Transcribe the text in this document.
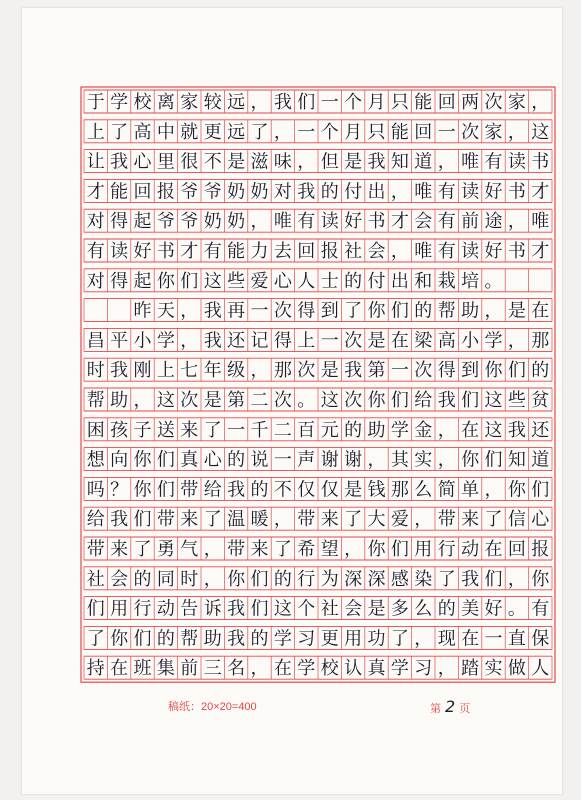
于 学 校 离 家 较 远 ， 我 们 一 个 月 只 能 回 两 次 家 ，
上 了 高 中 就 更 远 了 ， 一 个 月 只 能 回 一 次 家 ， 这
让 我 心 里 很 不 是 滋 味 ， 但 是 我 知 道 ， 唯 有 读 书
才 能 回 报 爷 爷 奶 奶 对 我 的 付 出 ， 唯 有 读 好 书 才
对 得 起 爷 爷 奶 奶 ， 唯 有 读 好 书 才 会 有 前 途 ， 唯
有 读 好 书 才 有 能 力 去 回 报 社 会 ， 唯 有 读 好 书 才
对 得 起 你 们 这 些 爱 心 人 士 的 付 出 和 栽 培 。

昨 天 ， 我 再 一 次 得 到 了 你 们 的 帮 助 ， 是 在
昌 平 小 学 ， 我 还 记 得 上 一 次 是 在 梁 高 小 学 ， 那
时 我 刚 上 七 年 级 ， 那 次 是 我 第 一 次 得 到 你 们 的
帮 助 ， 这 次 是 第 二 次 。 这 次 你 们 给 我 们 这 些 贫
困 孩 子 送 来 了 一 千 二 百 元 的 助 学 金 ， 在 这 我 还
想 向 你 们 真 心 的 说 一 声 谢 谢 ， 其 实 ， 你 们 知 道
吗 ？ 你 们 带 给 我 的 不 仅 仅 是 钱 那 么 简 单 ， 你 们
给 我 们 带 来 了 温 暖 ， 带 来 了 大 爱 ， 带 来 了 信 心
带 来 了 勇 气 ， 带 来 了 希 望 ， 你 们 用 行 动 在 回 报
社 会 的 同 时 ， 你 们 的 行 为 深 深 感 染 了 我 们 ， 你
们 用 行 动 告 诉 我 们 这 个 社 会 是 多 么 的 美 好 。 有
了 你 们 的 帮 助 我 的 学 习 更 用 功 了 ， 现 在 一 直 保
持 在 班 集 前 三 名 ， 在 学 校 认 真 学 习 ， 踏 实 做 人
稿纸：20×20=400	第 2 页
